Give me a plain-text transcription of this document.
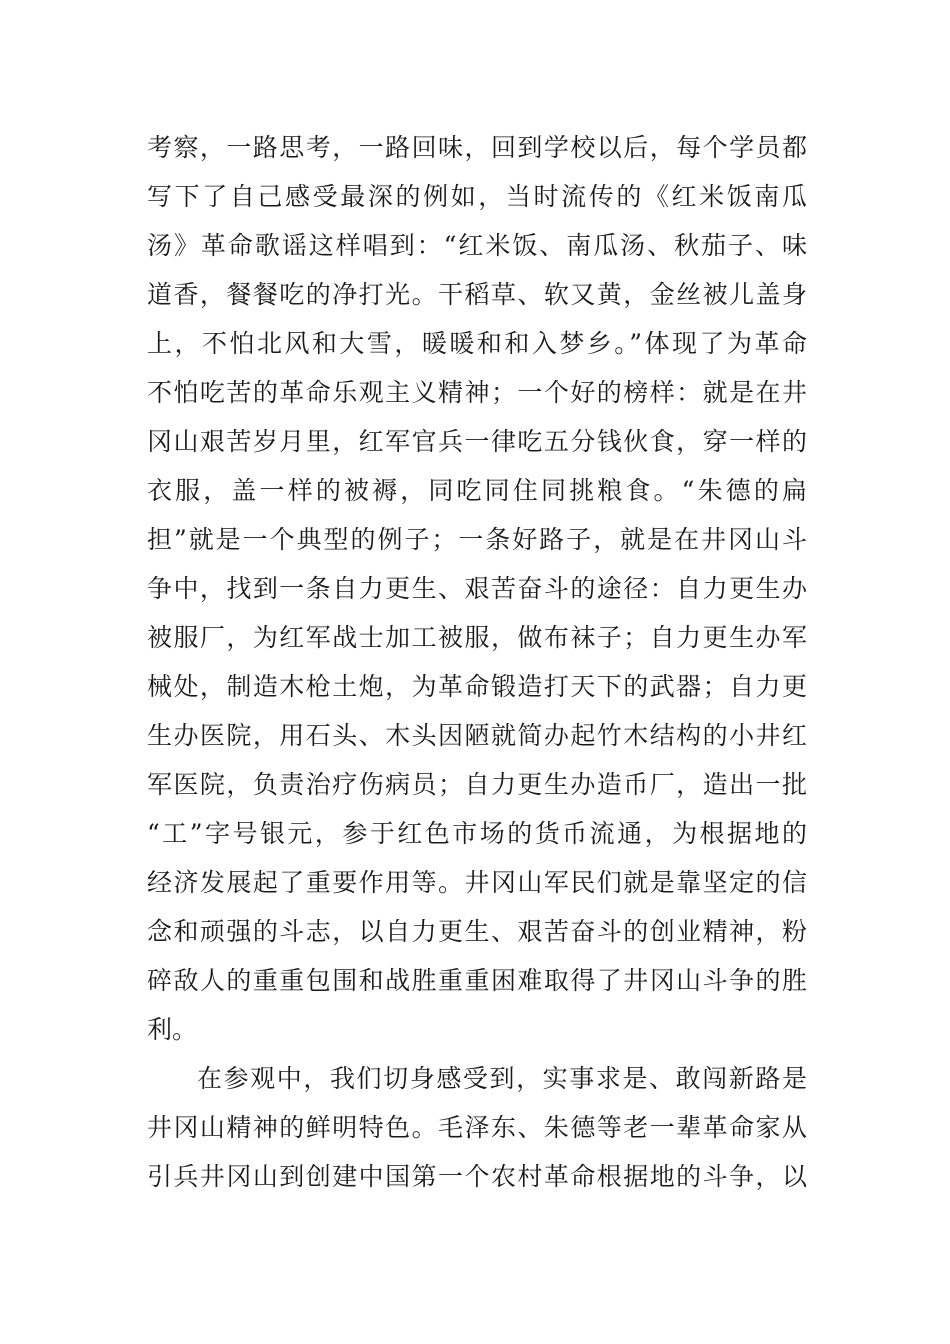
考察，一路思考，一路回味，回到学校以后，每个学员都
写下了自己感受最深的例如，当时流传的《红米饭南瓜
汤》革命歌谣这样唱到：“红米饭、南瓜汤、秋茄子、味
道香，餐餐吃的净打光。干稻草、软又黄，金丝被儿盖身
上，不怕北风和大雪，暖暖和和入梦乡。”体现了为革命
不怕吃苦的革命乐观主义精神；一个好的榜样：就是在井
冈山艰苦岁月里，红军官兵一律吃五分钱伙食，穿一样的
衣服，盖一样的被褥，同吃同住同挑粮食。“朱德的扁
担”就是一个典型的例子；一条好路子，就是在井冈山斗
争中，找到一条自力更生、艰苦奋斗的途径：自力更生办
被服厂，为红军战士加工被服，做布袜子；自力更生办军
械处，制造木枪土炮，为革命锻造打天下的武器；自力更
生办医院，用石头、木头因陋就简办起竹木结构的小井红
军医院，负责治疗伤病员；自力更生办造币厂，造出一批
“工”字号银元，参于红色市场的货币流通，为根据地的
经济发展起了重要作用等。井冈山军民们就是靠坚定的信
念和顽强的斗志，以自力更生、艰苦奋斗的创业精神，粉
碎敌人的重重包围和战胜重重困难取得了井冈山斗争的胜
利。
在参观中，我们切身感受到，实事求是、敢闯新路是
井冈山精神的鲜明特色。毛泽东、朱德等老一辈革命家从
引兵井冈山到创建中国第一个农村革命根据地的斗争，以
